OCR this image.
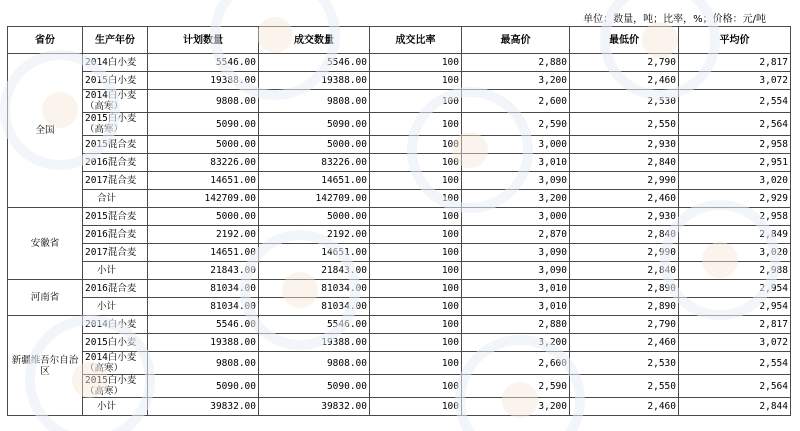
单位：数量，吨；比率，%；价格：元/吨
省份	生产年份	计划数量	成交数量	成交比率	最高价	最低价	平均价
全国	2014白小麦	5546.00	5546.00	100	2,880	2,790	2,817
	2015白小麦	19388.00	19388.00	100	3,200	2,460	3,072
	2014白小麦（高寒）	9808.00	9808.00	100	2,600	2,530	2,554
	2015白小麦（高寒）	5090.00	5090.00	100	2,590	2,550	2,564
	2015混合麦	5000.00	5000.00	100	3,000	2,930	2,958
	2016混合麦	83226.00	83226.00	100	3,010	2,840	2,951
	2017混合麦	14651.00	14651.00	100	3,090	2,990	3,020
	合计	142709.00	142709.00	100	3,200	2,460	2,929
安徽省	2015混合麦	5000.00	5000.00	100	3,000	2,930	2,958
	2016混合麦	2192.00	2192.00	100	2,870	2,840	2,849
	2017混合麦	14651.00	14651.00	100	3,090	2,990	3,020
	小计	21843.00	21843.00	100	3,090	2,840	2,988
河南省	2016混合麦	81034.00	81034.00	100	3,010	2,890	2,954
	小计	81034.00	81034.00	100	3,010	2,890	2,954
新疆维吾尔自治区	2014白小麦	5546.00	5546.00	100	2,880	2,790	2,817
	2015白小麦	19388.00	19388.00	100	3,200	2,460	3,072
	2014白小麦（高寒）	9808.00	9808.00	100	2,600	2,530	2,554
	2015白小麦（高寒）	5090.00	5090.00	100	2,590	2,550	2,564
	小计	39832.00	39832.00	100	3,200	2,460	2,844
